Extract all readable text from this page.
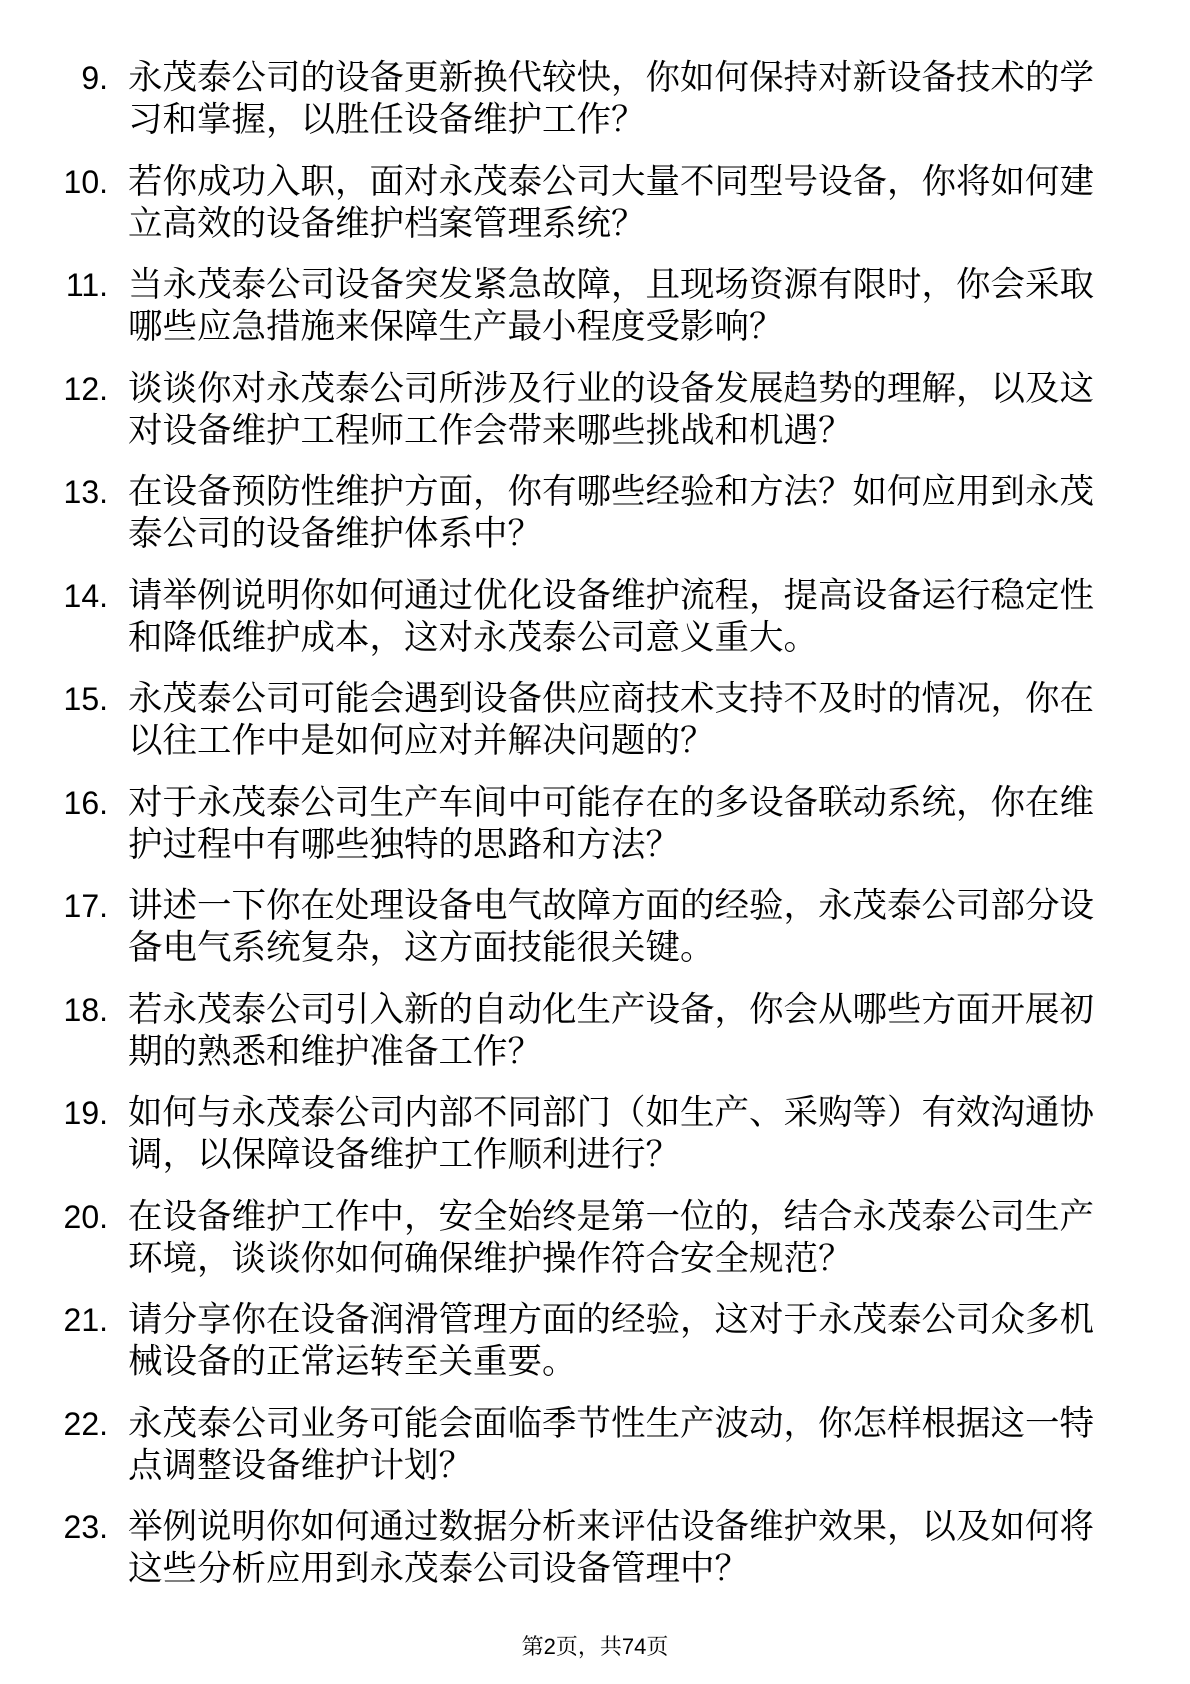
9. 永茂泰公司的设备更新换代较快，你如何保持对新设备技术的学
习和掌握，以胜任设备维护工作？
10. 若你成功入职，面对永茂泰公司大量不同型号设备，你将如何建
立高效的设备维护档案管理系统？
11. 当永茂泰公司设备突发紧急故障，且现场资源有限时，你会采取
哪些应急措施来保障生产最小程度受影响？
12. 谈谈你对永茂泰公司所涉及行业的设备发展趋势的理解，以及这
对设备维护工程师工作会带来哪些挑战和机遇？
13. 在设备预防性维护方面，你有哪些经验和方法？如何应用到永茂
泰公司的设备维护体系中？
14. 请举例说明你如何通过优化设备维护流程，提高设备运行稳定性
和降低维护成本，这对永茂泰公司意义重大。
15. 永茂泰公司可能会遇到设备供应商技术支持不及时的情况，你在
以往工作中是如何应对并解决问题的？
16. 对于永茂泰公司生产车间中可能存在的多设备联动系统，你在维
护过程中有哪些独特的思路和方法？
17. 讲述一下你在处理设备电气故障方面的经验，永茂泰公司部分设
备电气系统复杂，这方面技能很关键。
18. 若永茂泰公司引入新的自动化生产设备，你会从哪些方面开展初
期的熟悉和维护准备工作？
19. 如何与永茂泰公司内部不同部门（如生产、采购等）有效沟通协
调，以保障设备维护工作顺利进行？
20. 在设备维护工作中，安全始终是第一位的，结合永茂泰公司生产
环境，谈谈你如何确保维护操作符合安全规范？
21. 请分享你在设备润滑管理方面的经验，这对于永茂泰公司众多机
械设备的正常运转至关重要。
22. 永茂泰公司业务可能会面临季节性生产波动，你怎样根据这一特
点调整设备维护计划？
23. 举例说明你如何通过数据分析来评估设备维护效果，以及如何将
这些分析应用到永茂泰公司设备管理中？
第2页，共74页
